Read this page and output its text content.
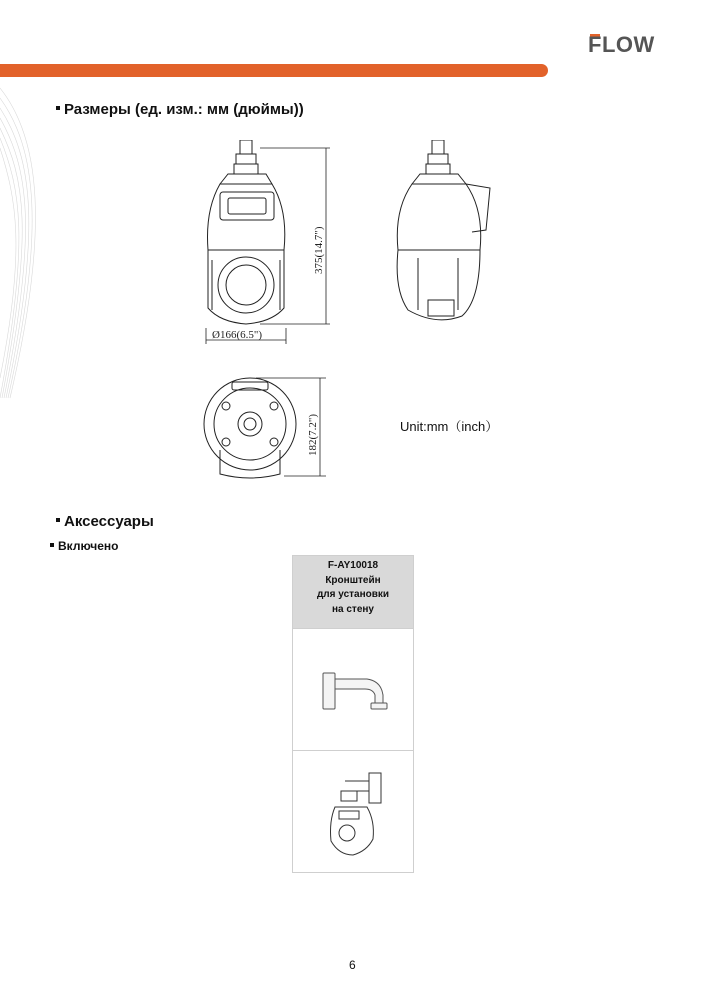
FLOW
Размеры (ед. изм.: мм (дюймы))
375(14.7")
Ø166(6.5")
182(7.2")	Unit:mm（inch）
Аксессуары
Включено
F-AY10018
Кронштейн
для установки
на стену
6
